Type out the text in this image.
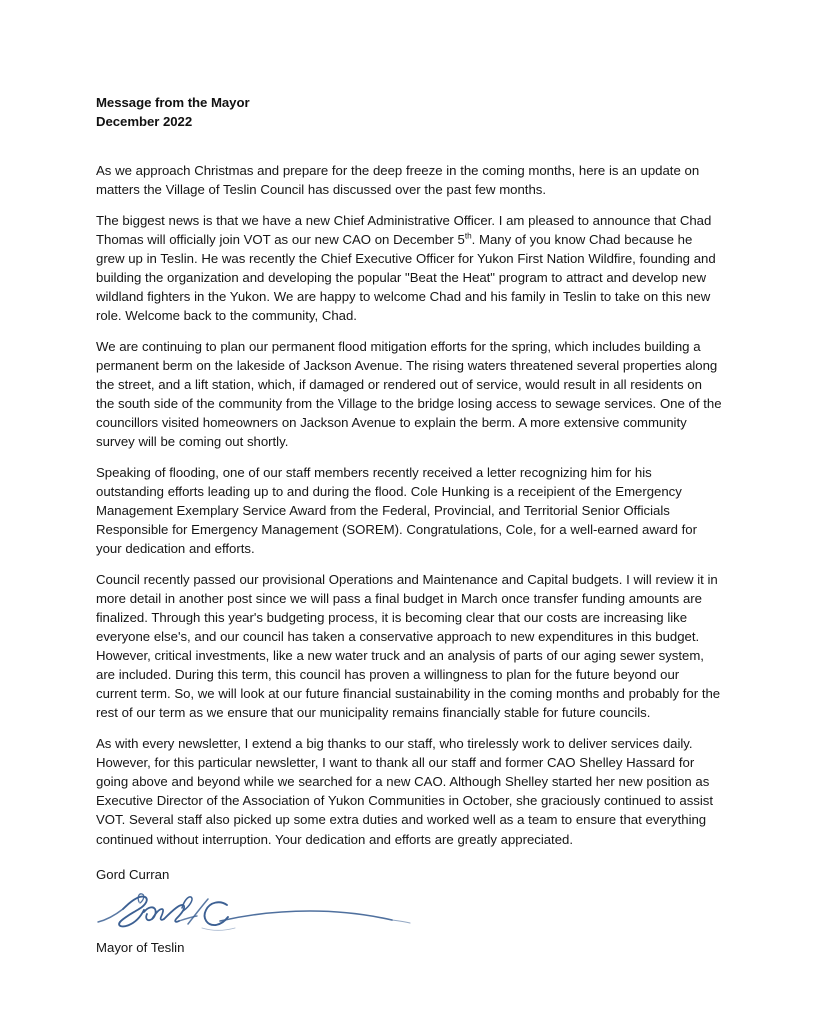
Message from the Mayor
December 2022

As we approach Christmas and prepare for the deep freeze in the coming months, here is an update on matters the Village of Teslin Council has discussed over the past few months.

The biggest news is that we have a new Chief Administrative Officer. I am pleased to announce that Chad Thomas will officially join VOT as our new CAO on December 5th. Many of you know Chad because he grew up in Teslin. He was recently the Chief Executive Officer for Yukon First Nation Wildfire, founding and building the organization and developing the popular "Beat the Heat" program to attract and develop new wildland fighters in the Yukon. We are happy to welcome Chad and his family in Teslin to take on this new role. Welcome back to the community, Chad.

We are continuing to plan our permanent flood mitigation efforts for the spring, which includes building a permanent berm on the lakeside of Jackson Avenue. The rising waters threatened several properties along the street, and a lift station, which, if damaged or rendered out of service, would result in all residents on the south side of the community from the Village to the bridge losing access to sewage services. One of the councillors visited homeowners on Jackson Avenue to explain the berm. A more extensive community survey will be coming out shortly.

Speaking of flooding, one of our staff members recently received a letter recognizing him for his outstanding efforts leading up to and during the flood. Cole Hunking is a receipient of the Emergency Management Exemplary Service Award from the Federal, Provincial, and Territorial Senior Officials Responsible for Emergency Management (SOREM). Congratulations, Cole, for a well-earned award for your dedication and efforts.

Council recently passed our provisional Operations and Maintenance and Capital budgets. I will review it in more detail in another post since we will pass a final budget in March once transfer funding amounts are finalized. Through this year's budgeting process, it is becoming clear that our costs are increasing like everyone else's, and our council has taken a conservative approach to new expenditures in this budget. However, critical investments, like a new water truck and an analysis of parts of our aging sewer system, are included. During this term, this council has proven a willingness to plan for the future beyond our current term. So, we will look at our future financial sustainability in the coming months and probably for the rest of our term as we ensure that our municipality remains financially stable for future councils.

As with every newsletter, I extend a big thanks to our staff, who tirelessly work to deliver services daily. However, for this particular newsletter, I want to thank all our staff and former CAO Shelley Hassard for going above and beyond while we searched for a new CAO. Although Shelley started her new position as Executive Director of the Association of Yukon Communities in October, she graciously continued to assist VOT. Several staff also picked up some extra duties and worked well as a team to ensure that everything continued without interruption. Your dedication and efforts are greatly appreciated.

Gord Curran

Mayor of Teslin
